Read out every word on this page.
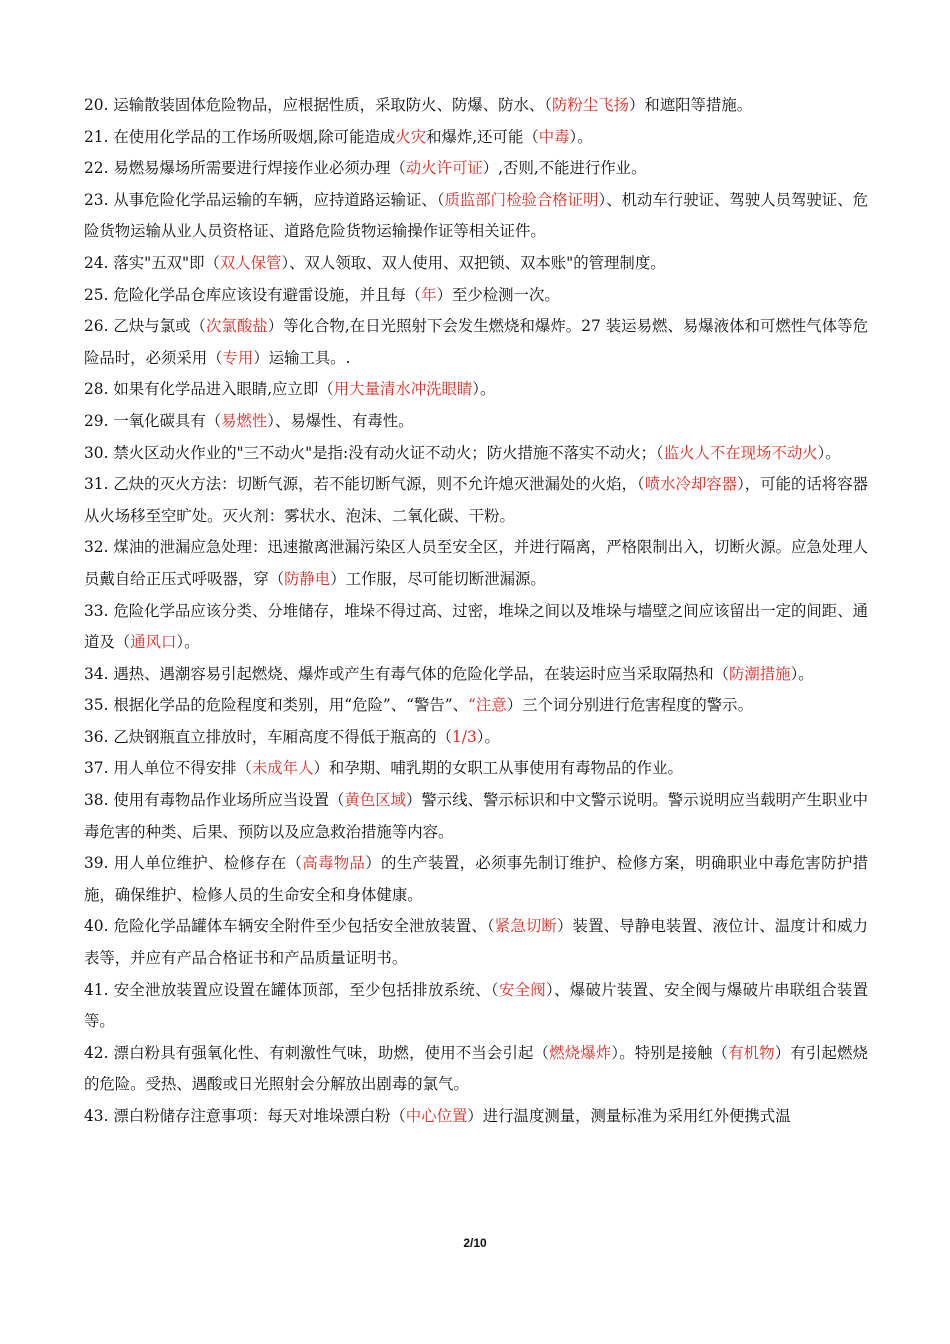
20. 运输散装固体危险物品，应根据性质，采取防火、防爆、防水、（防粉尘飞扬）和遮阳等措施。

21. 在使用化学品的工作场所吸烟,除可能造成火灾和爆炸,还可能（中毒）。

22. 易燃易爆场所需要进行焊接作业必须办理（动火许可证）,否则,不能进行作业。

23. 从事危险化学品运输的车辆，应持道路运输证、（质监部门检验合格证明）、机动车行驶证、驾驶人员驾驶证、危险货物运输从业人员资格证、道路危险货物运输操作证等相关证件。

24. 落实"五双"即（双人保管）、双人领取、双人使用、双把锁、双本账"的管理制度。

25. 危险化学品仓库应该设有避雷设施，并且每（年）至少检测一次。

26. 乙炔与氯或（次氯酸盐）等化合物,在日光照射下会发生燃烧和爆炸。27 装运易燃、易爆液体和可燃性气体等危险品时，必须采用（专用）运输工具。.

28. 如果有化学品进入眼睛,应立即（用大量清水冲洗眼睛）。

29. 一氧化碳具有（易燃性）、易爆性、有毒性。

30. 禁火区动火作业的"三不动火"是指:没有动火证不动火；防火措施不落实不动火；（监火人不在现场不动火）。

31. 乙炔的灭火方法：切断气源，若不能切断气源，则不允许熄灭泄漏处的火焰，（喷水冷却容器），可能的话将容器从火场移至空旷处。灭火剂：雾状水、泡沫、二氧化碳、干粉。

32. 煤油的泄漏应急处理：迅速撤离泄漏污染区人员至安全区，并进行隔离，严格限制出入，切断火源。应急处理人员戴自给正压式呼吸器，穿（防静电）工作服，尽可能切断泄漏源。

33. 危险化学品应该分类、分堆储存，堆垛不得过高、过密，堆垛之间以及堆垛与墙壁之间应该留出一定的间距、通道及（通风口）。

34. 遇热、遇潮容易引起燃烧、爆炸或产生有毒气体的危险化学品，在装运时应当采取隔热和（防潮措施）。

35. 根据化学品的危险程度和类别，用“危险”、“警告”、“注意）三个词分别进行危害程度的警示。

36. 乙炔钢瓶直立排放时，车厢高度不得低于瓶高的（1/3）。

37. 用人单位不得安排（未成年人）和孕期、哺乳期的女职工从事使用有毒物品的作业。

38. 使用有毒物品作业场所应当设置（黄色区域）警示线、警示标识和中文警示说明。警示说明应当载明产生职业中毒危害的种类、后果、预防以及应急救治措施等内容。

39. 用人单位维护、检修存在（高毒物品）的生产装置，必须事先制订维护、检修方案，明确职业中毒危害防护措施，确保维护、检修人员的生命安全和身体健康。

40. 危险化学品罐体车辆安全附件至少包括安全泄放装置、（紧急切断）装置、导静电装置、液位计、温度计和威力表等，并应有产品合格证书和产品质量证明书。

41. 安全泄放装置应设置在罐体顶部，至少包括排放系统、（安全阀）、爆破片装置、安全阀与爆破片串联组合装置等。

42. 漂白粉具有强氧化性、有刺激性气味，助燃，使用不当会引起（燃烧爆炸）。特别是接触（有机物）有引起燃烧的危险。受热、遇酸或日光照射会分解放出剧毒的氯气。

43. 漂白粉储存注意事项：每天对堆垛漂白粉（中心位置）进行温度测量，测量标准为采用红外便携式温

2/10
